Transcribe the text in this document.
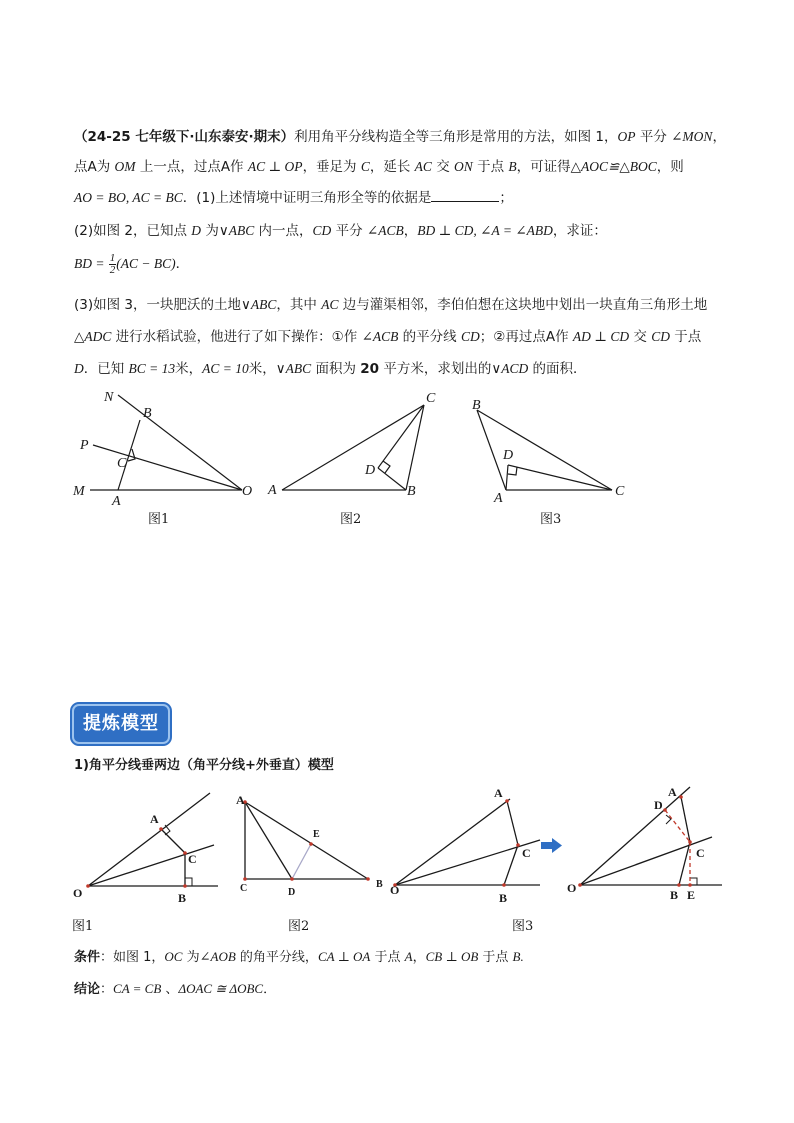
（24-25 七年级下·山东泰安·期末）利用角平分线构造全等三角形是常用的方法，如图 1，OP 平分 ∠MON，
点A为 OM 上一点，过点A作 AC ⊥ OP，垂足为 C，延长 AC 交 ON 于点 B，可证得△AOC≌△BOC，则
AO = BO, AC = BC．(1)上述情境中证明三角形全等的依据是	；
(2)如图 2，已知点 D 为∨ABC 内一点，CD 平分 ∠ACB，BD ⊥ CD, ∠A = ∠ABD，求证：
BD = $\frac{1}{2} (AC - BC)$．
(3)如图 3，一块肥沃的土地∨ABC，其中 AC 边与灌渠相邻，李伯伯想在这块地中划出一块直角三角形土地
△ADC 进行水稻试验，他进行了如下操作：①作 ∠ACB 的平分线 CD；②再过点A作 AD ⊥ CD 交 CD 于点
D．已知 BC = 13米，AC = 10米，∨ABC 面积为 20 平方米，求划出的∨ACD 的面积．
N
B
P
C
M
A
O
C
D
A	B
B
D
A	C
图1	图2	图3
提炼模型
1)角平分线垂两边（角平分线+外垂直）模型
A
C
O	B
A
E
C	D
B
A
C
O
B
D
A
C
O	B E
图1	图2	图3
条件：如图 1，OC 为∠AOB 的角平分线，CA ⊥ OA 于点 A，CB ⊥ OB 于点 B.
结论：CA = CB 、ΔOAC ≅ ΔOBC．
